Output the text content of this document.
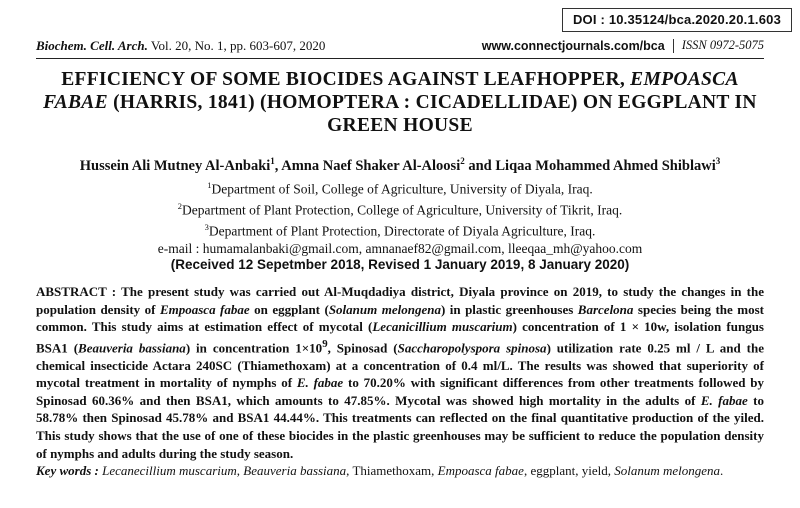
DOI : 10.35124/bca.2020.20.1.603
Biochem. Cell. Arch. Vol. 20, No. 1, pp. 603-607, 2020	www.connectjournals.com/bca ISSN 0972-5075
EFFICIENCY OF SOME BIOCIDES AGAINST LEAFHOPPER, EMPOASCA FABAE (HARRIS, 1841) (HOMOPTERA : CICADELLIDAE) ON EGGPLANT IN GREEN HOUSE
Hussein Ali Mutney Al-Anbaki$^1$, Amna Naef Shaker Al-Aloosi$^2$ and Liqaa Mohammed Ahmed Shiblawi$^3$
$^1$Department of Soil, College of Agriculture, University of Diyala, Iraq.
$^2$Department of Plant Protection, College of Agriculture, University of Tikrit, Iraq.
$^3$Department of Plant Protection, Directorate of Diyala Agriculture, Iraq.
e-mail : humamalanbaki@gmail.com, amnanaef82@gmail.com, lleeqaa_mh@yahoo.com
(Received 12 Sepetmber 2018, Revised 1 January 2019, 8 January 2020)
ABSTRACT : The present study was carried out Al-Muqdadiya district, Diyala province on 2019, to study the changes in the population density of Empoasca fabae on eggplant (Solanum melongena) in plastic greenhouses Barcelona species being the most common. This study aims at estimation effect of mycotal (Lecanicillium muscarium) concentration of 1 × 10w, isolation fungus BSA1 (Beauveria bassiana) in concentration $1\times 10^9$, Spinosad (Saccharopolyspora spinosa) utilization rate 0.25 ml / L and the chemical insecticide Actara 240SC (Thiamethoxam) at a concentration of 0.4 ml/L. The results was showed that superiority of mycotal treatment in mortality of nymphs of E. fabae to 70.20% with significant differences from other treatments followed by Spinosad 60.36% and then BSA1, which amounts to 47.85%. Mycotal was showed high mortality in the adults of E. fabae to 58.78% then Spinosad 45.78% and BSA1 44.44%. This treatments can reflected on the final quantitative production of the yiled. This study shows that the use of one of these biocides in the plastic greenhouses may be sufficient to reduce the population density of nymphs and adults during the study season.
Key words : Lecanecillium muscarium, Beauveria bassiana, Thiamethoxam, Empoasca fabae, eggplant, yield, Solanum melongena.
